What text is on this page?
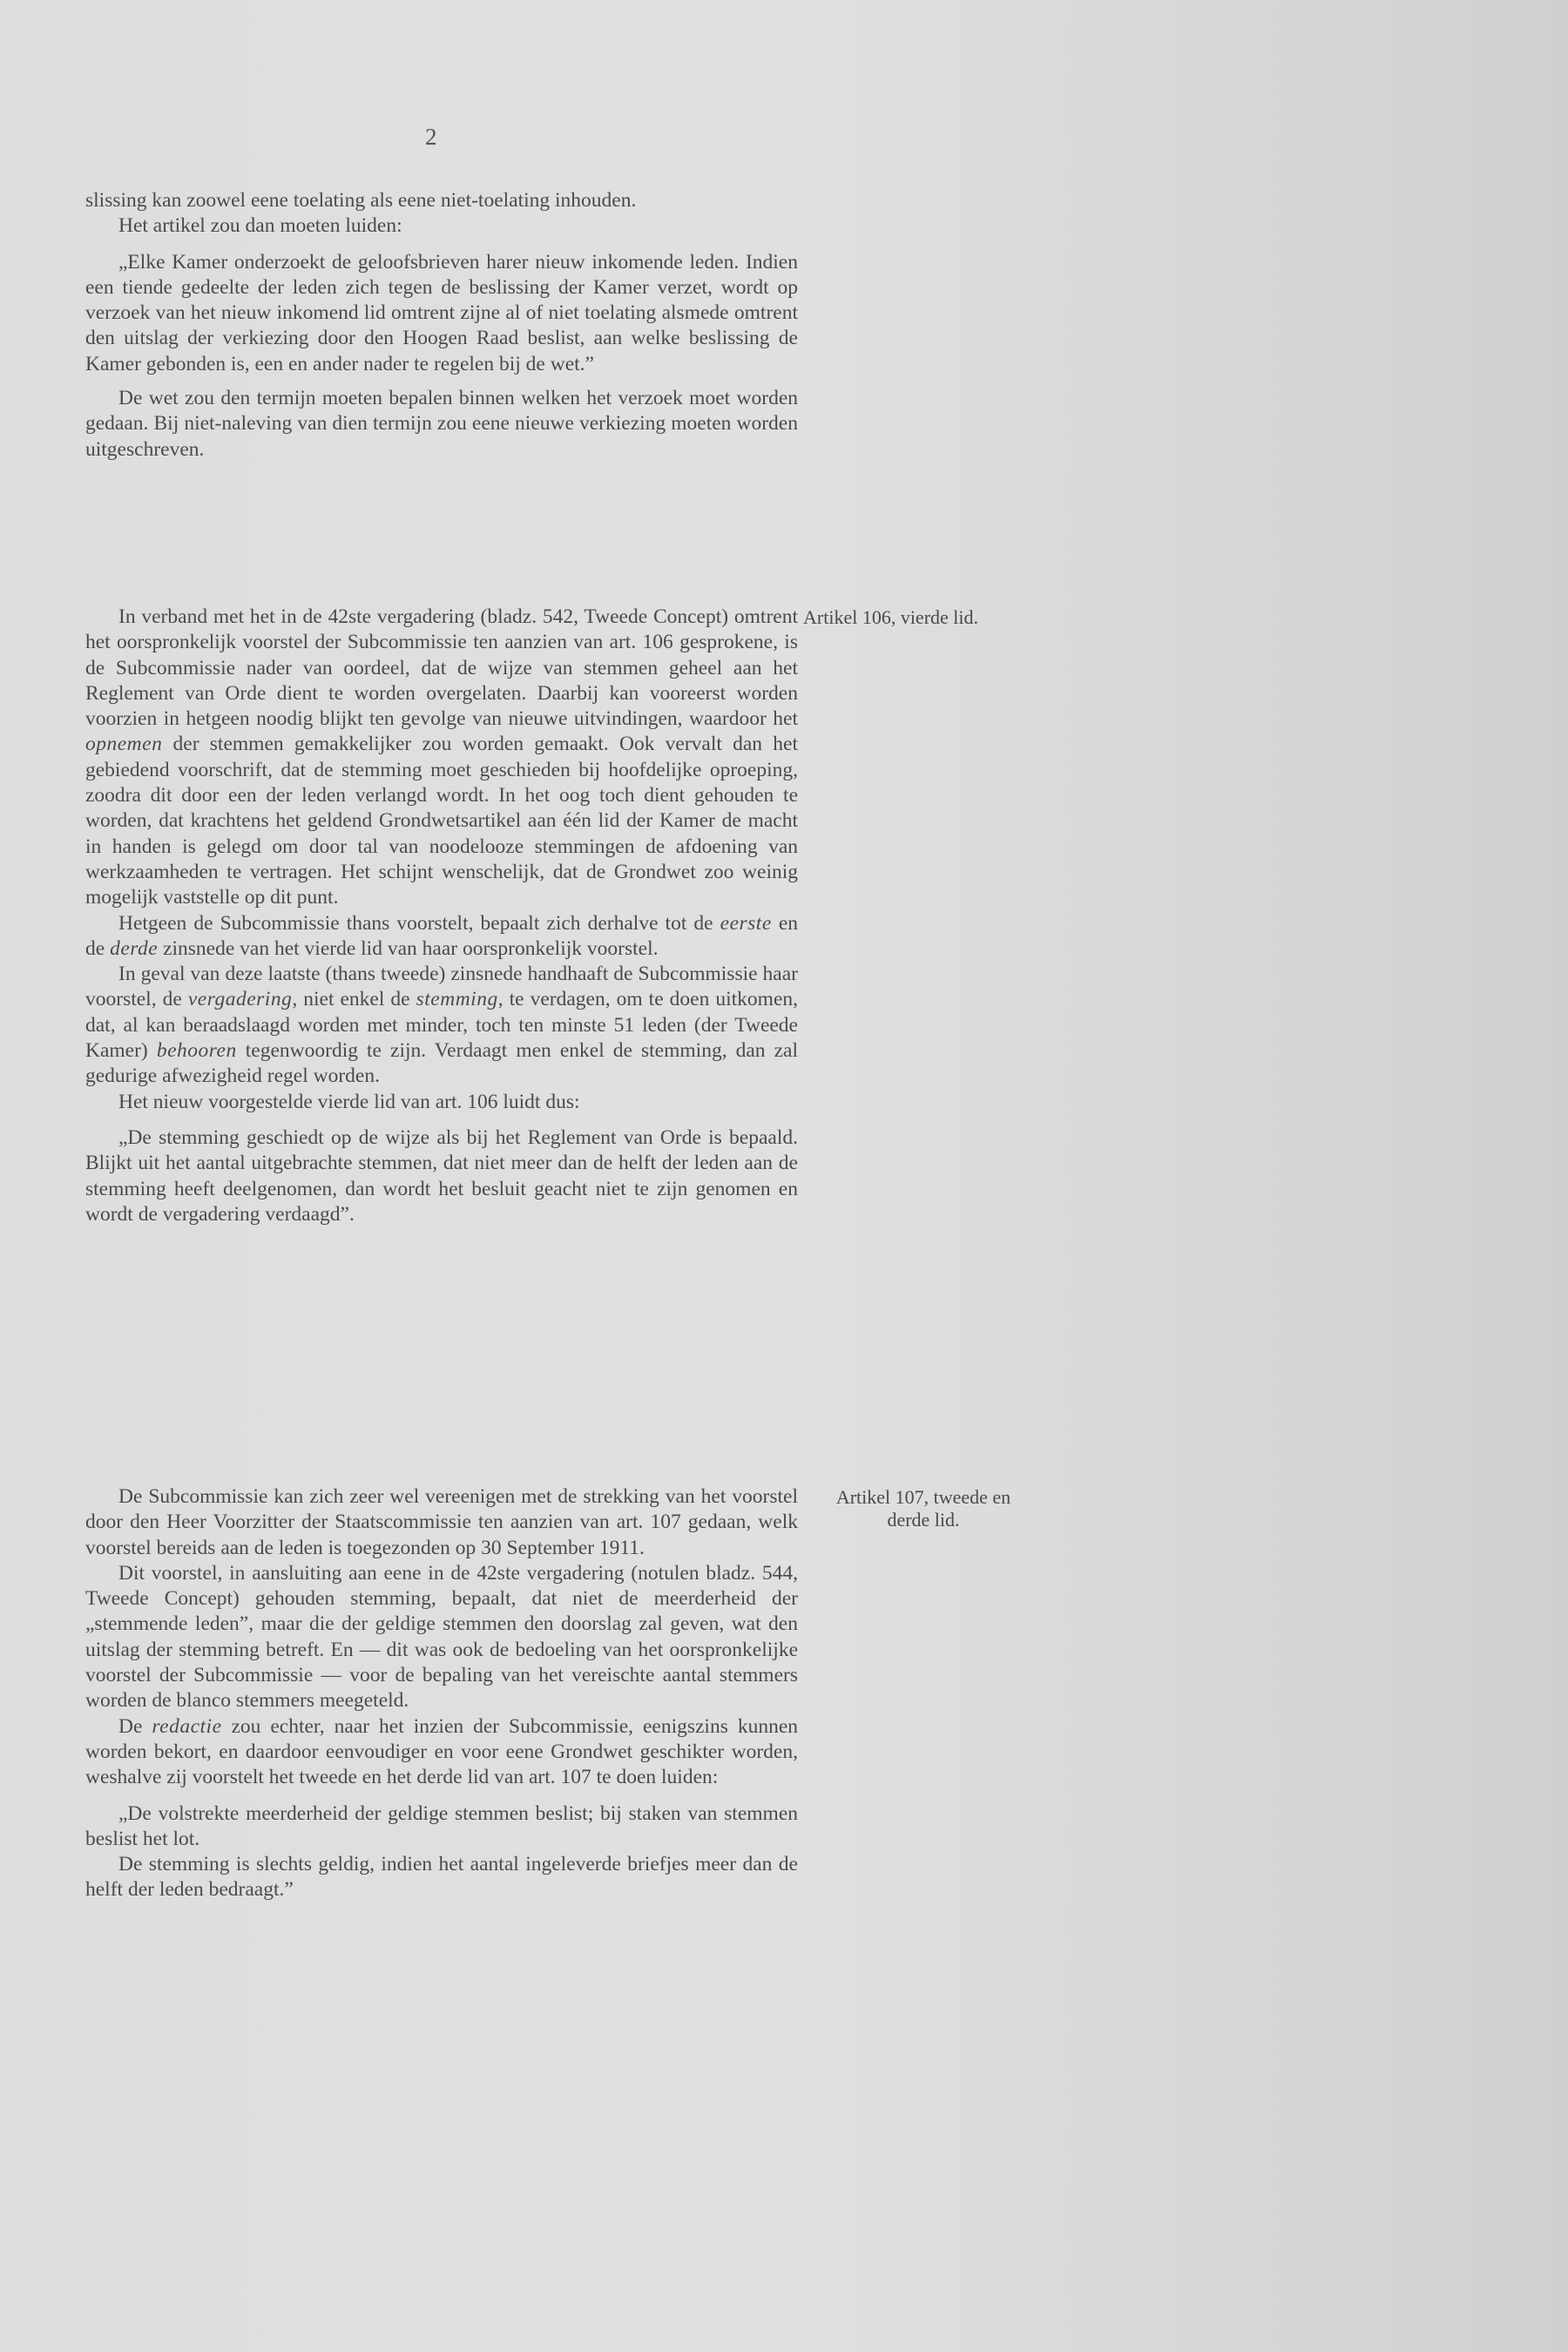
2

slissing kan zoowel eene toelating als eene niet-toelating inhouden.

Het artikel zou dan moeten luiden:

„Elke Kamer onderzoekt de geloofsbrieven harer nieuw inkomende leden. Indien een tiende gedeelte der leden zich tegen de beslissing der Kamer verzet, wordt op verzoek van het nieuw inkomend lid omtrent zijne al of niet toelating alsmede omtrent den uitslag der verkiezing door den Hoogen Raad beslist, aan welke beslissing de Kamer gebonden is, een en ander nader te regelen bij de wet.”

De wet zou den termijn moeten bepalen binnen welken het verzoek moet worden gedaan. Bij niet-naleving van dien termijn zou eene nieuwe verkiezing moeten worden uitgeschreven.

Artikel 106, vierde lid.

In verband met het in de 42ste vergadering (bladz. 542, Tweede Concept) omtrent het oorspronkelijk voorstel der Subcommissie ten aanzien van art. 106 gesprokene, is de Subcommissie nader van oordeel, dat de wijze van stemmen geheel aan het Reglement van Orde dient te worden overgelaten. Daarbij kan vooreerst worden voorzien in hetgeen noodig blijkt ten gevolge van nieuwe uitvindingen, waardoor het opnemen der stemmen gemakkelijker zou worden gemaakt. Ook vervalt dan het gebiedend voorschrift, dat de stemming moet geschieden bij hoofdelijke oproeping, zoodra dit door een der leden verlangd wordt. In het oog toch dient gehouden te worden, dat krachtens het geldend Grondwetsartikel aan één lid der Kamer de macht in handen is gelegd om door tal van noodelooze stemmingen de afdoening van werkzaamheden te vertragen. Het schijnt wenschelijk, dat de Grondwet zoo weinig mogelijk vaststelle op dit punt.

Hetgeen de Subcommissie thans voorstelt, bepaalt zich derhalve tot de eerste en de derde zinsnede van het vierde lid van haar oorspronkelijk voorstel.

In geval van deze laatste (thans tweede) zinsnede handhaaft de Subcommissie haar voorstel, de vergadering, niet enkel de stemming, te verdagen, om te doen uitkomen, dat, al kan beraadslaagd worden met minder, toch ten minste 51 leden (der Tweede Kamer) behooren tegenwoordig te zijn. Verdaagt men enkel de stemming, dan zal gedurige afwezigheid regel worden.

Het nieuw voorgestelde vierde lid van art. 106 luidt dus:

„De stemming geschiedt op de wijze als bij het Reglement van Orde is bepaald. Blijkt uit het aantal uitgebrachte stemmen, dat niet meer dan de helft der leden aan de stemming heeft deelgenomen, dan wordt het besluit geacht niet te zijn genomen en wordt de vergadering verdaagd”.

Artikel 107, tweede en derde lid.

De Subcommissie kan zich zeer wel vereenigen met de strekking van het voorstel door den Heer Voorzitter der Staatscommissie ten aanzien van art. 107 gedaan, welk voorstel bereids aan de leden is toegezonden op 30 September 1911.

Dit voorstel, in aansluiting aan eene in de 42ste vergadering (notulen bladz. 544, Tweede Concept) gehouden stemming, bepaalt, dat niet de meerderheid der „stemmende leden”, maar die der geldige stemmen den doorslag zal geven, wat den uitslag der stemming betreft. En — dit was ook de bedoeling van het oorspronkelijke voorstel der Subcommissie — voor de bepaling van het vereischte aantal stemmers worden de blanco stemmers meegeteld.

De redactie zou echter, naar het inzien der Subcommissie, eenigszins kunnen worden bekort, en daardoor eenvoudiger en voor eene Grondwet geschikter worden, weshalve zij voorstelt het tweede en het derde lid van art. 107 te doen luiden:

„De volstrekte meerderheid der geldige stemmen beslist; bij staken van stemmen beslist het lot.

De stemming is slechts geldig, indien het aantal ingeleverde briefjes meer dan de helft der leden bedraagt.”
